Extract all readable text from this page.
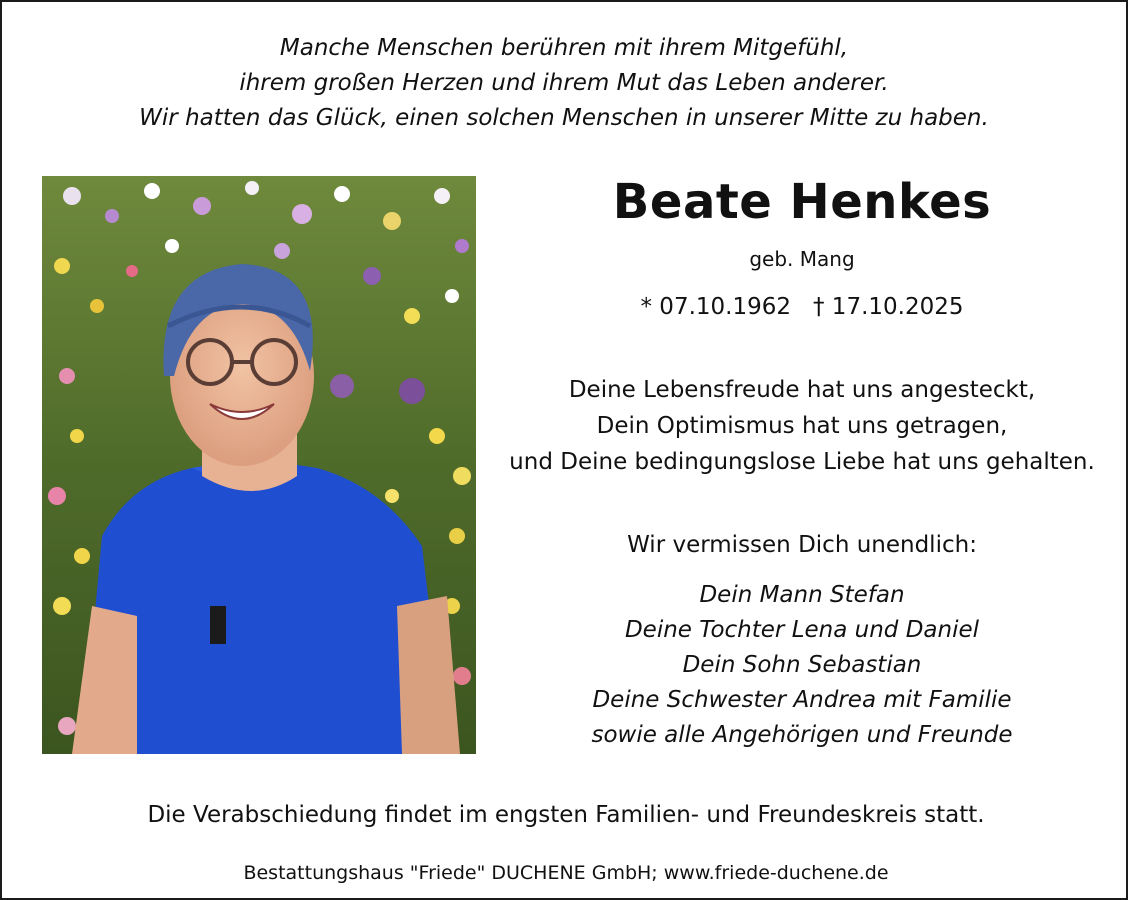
Manche Menschen berühren mit ihrem Mitgefühl,
ihrem großen Herzen und ihrem Mut das Leben anderer.
Wir hatten das Glück, einen solchen Menschen in unserer Mitte zu haben.
Beate Henkes
geb. Mang
* 07.10.1962 † 17.10.2025
Deine Lebensfreude hat uns angesteckt,
Dein Optimismus hat uns getragen,
und Deine bedingungslose Liebe hat uns gehalten.
Wir vermissen Dich unendlich:
Dein Mann Stefan
Deine Tochter Lena und Daniel
Dein Sohn Sebastian
Deine Schwester Andrea mit Familie
sowie alle Angehörigen und Freunde
Die Verabschiedung findet im engsten Familien- und Freundeskreis statt.
Bestattungshaus "Friede" DUCHENE GmbH; www.friede-duchene.de
